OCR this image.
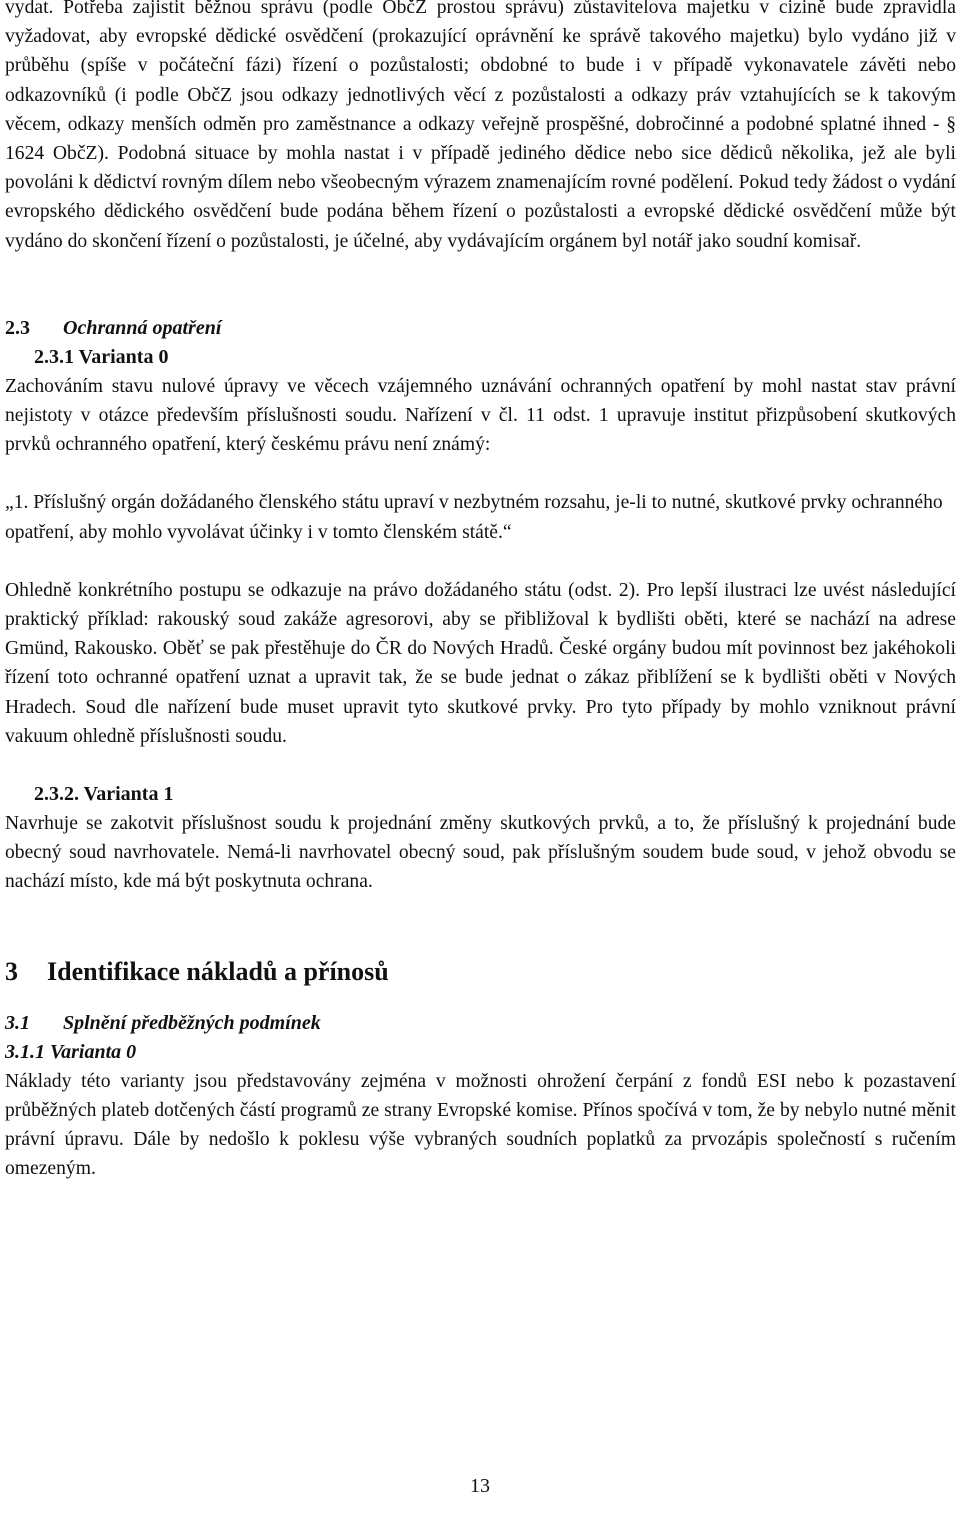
vydat. Potřeba zajistit běžnou správu (podle ObčZ prostou správu) zůstavitelova majetku v cizině bude zpravidla vyžadovat, aby evropské dědické osvědčení (prokazující oprávnění ke správě takového majetku) bylo vydáno již v průběhu (spíše v počáteční fázi) řízení o pozůstalosti; obdobné to bude i v případě vykonavatele závěti nebo odkazovníků (i podle ObčZ jsou odkazy jednotlivých věcí z pozůstalosti a odkazy práv vztahujících se k takovým věcem, odkazy menších odměn pro zaměstnance a odkazy veřejně prospěšné, dobročinné a podobné splatné ihned - § 1624 ObčZ). Podobná situace by mohla nastat i v případě jediného dědice nebo sice dědiců několika, jež ale byli povoláni k dědictví rovným dílem nebo všeobecným výrazem znamenajícím rovné podělení. Pokud tedy žádost o vydání evropského dědického osvědčení bude podána během řízení o pozůstalosti a evropské dědické osvědčení může být vydáno do skončení řízení o pozůstalosti, je účelné, aby vydávajícím orgánem byl notář jako soudní komisař.

2.3 Ochranná opatření
2.3.1 Varianta 0

Zachováním stavu nulové úpravy ve věcech vzájemného uznávání ochranných opatření by mohl nastat stav právní nejistoty v otázce především příslušnosti soudu. Nařízení v čl. 11 odst. 1 upravuje institut přizpůsobení skutkových prvků ochranného opatření, který českému právu není známý:

„1. Příslušný orgán dožádaného členského státu upraví v nezbytném rozsahu, je-li to nutné, skutkové prvky ochranného opatření, aby mohlo vyvolávat účinky i v tomto členském státě.“

Ohledně konkrétního postupu se odkazuje na právo dožádaného státu (odst. 2). Pro lepší ilustraci lze uvést následující praktický příklad: rakouský soud zakáže agresorovi, aby se přibližoval k bydlišti oběti, které se nachází na adrese Gmünd, Rakousko. Oběť se pak přestěhuje do ČR do Nových Hradů. České orgány budou mít povinnost bez jakéhokoli řízení toto ochranné opatření uznat a upravit tak, že se bude jednat o zákaz přiblížení se k bydlišti oběti v Nových Hradech. Soud dle nařízení bude muset upravit tyto skutkové prvky. Pro tyto případy by mohlo vzniknout právní vakuum ohledně příslušnosti soudu.

2.3.2. Varianta 1

Navrhuje se zakotvit příslušnost soudu k projednání změny skutkových prvků, a to, že příslušný k projednání bude obecný soud navrhovatele. Nemá-li navrhovatel obecný soud, pak příslušným soudem bude soud, v jehož obvodu se nachází místo, kde má být poskytnuta ochrana.

3 Identifikace nákladů a přínosů
3.1 Splnění předběžných podmínek
3.1.1 Varianta 0

Náklady této varianty jsou představovány zejména v možnosti ohrožení čerpání z fondů ESI nebo k pozastavení průběžných plateb dotčených částí programů ze strany Evropské komise. Přínos spočívá v tom, že by nebylo nutné měnit právní úpravu. Dále by nedošlo k poklesu výše vybraných soudních poplatků za prvozápis společností s ručením omezeným.

13
